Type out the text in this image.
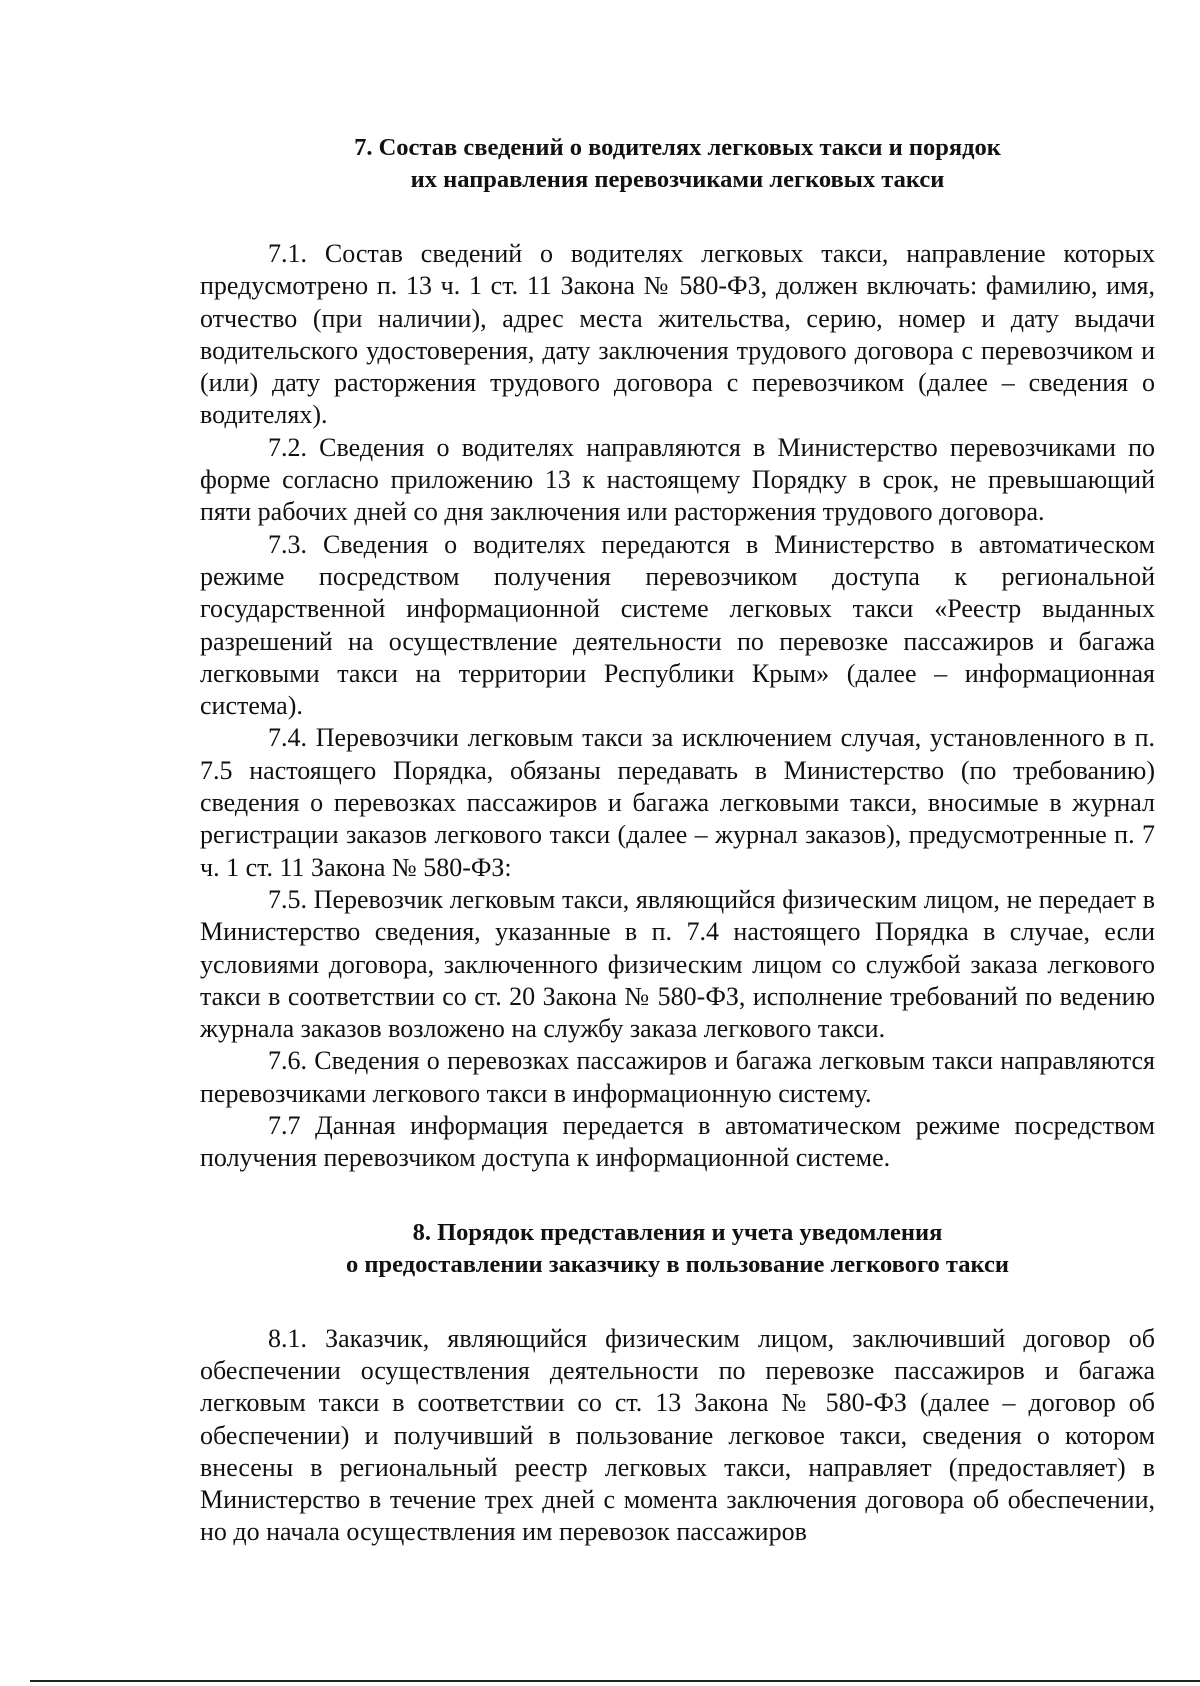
7. Состав сведений о водителях легковых такси и порядок
их направления перевозчиками легковых такси

7.1. Состав сведений о водителях легковых такси, направление которых предусмотрено п. 13 ч. 1 ст. 11 Закона № 580-ФЗ, должен включать: фамилию, имя, отчество (при наличии), адрес места жительства, серию, номер и дату выдачи водительского удостоверения, дату заключения трудового договора с перевозчиком и (или) дату расторжения трудового договора с перевозчиком (далее – сведения о водителях).

7.2. Сведения о водителях направляются в Министерство перевозчиками по форме согласно приложению 13 к настоящему Порядку в срок, не превышающий пяти рабочих дней со дня заключения или расторжения трудового договора.

7.3. Сведения о водителях передаются в Министерство в автоматическом режиме посредством получения перевозчиком доступа к региональной государственной информационной системе легковых такси «Реестр выданных разрешений на осуществление деятельности по перевозке пассажиров и багажа легковыми такси на территории Республики Крым» (далее – информационная система).

7.4. Перевозчики легковым такси за исключением случая, установленного в п. 7.5 настоящего Порядка, обязаны передавать в Министерство (по требованию) сведения о перевозках пассажиров и багажа легковыми такси, вносимые в журнал регистрации заказов легкового такси (далее – журнал заказов), предусмотренные п. 7 ч. 1 ст. 11 Закона № 580-ФЗ:

7.5. Перевозчик легковым такси, являющийся физическим лицом, не передает в Министерство сведения, указанные в п. 7.4 настоящего Порядка в случае, если условиями договора, заключенного физическим лицом со службой заказа легкового такси в соответствии со ст. 20 Закона № 580-ФЗ, исполнение требований по ведению журнала заказов возложено на службу заказа легкового такси.

7.6. Сведения о перевозках пассажиров и багажа легковым такси направляются перевозчиками легкового такси в информационную систему.

7.7 Данная информация передается в автоматическом режиме посредством получения перевозчиком доступа к информационной системе.

8. Порядок представления и учета уведомления
о предоставлении заказчику в пользование легкового такси

8.1. Заказчик, являющийся физическим лицом, заключивший договор об обеспечении осуществления деятельности по перевозке пассажиров и багажа легковым такси в соответствии со ст. 13 Закона № 580-ФЗ (далее – договор об обеспечении) и получивший в пользование легковое такси, сведения о котором внесены в региональный реестр легковых такси, направляет (предоставляет) в Министерство в течение трех дней с момента заключения договора об обеспечении, но до начала осуществления им перевозок пассажиров
